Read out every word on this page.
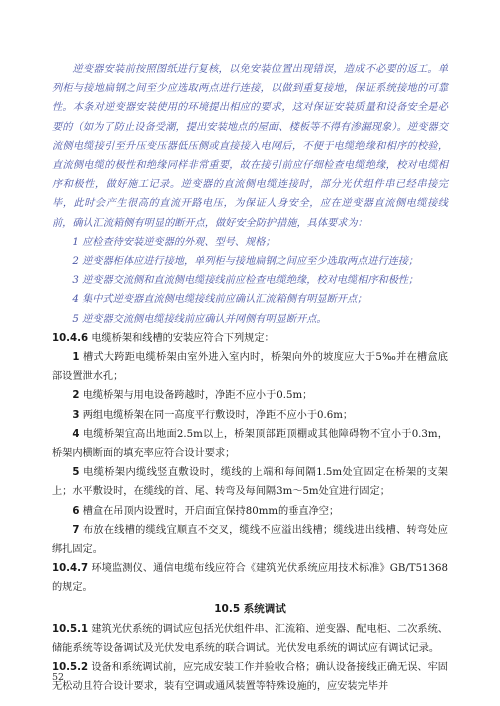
逆变器安装前按照图纸进行复核，以免安装位置出现错误，造成不必要的返工。单列柜与接地扁钢之间至少应选取两点进行连接，以做到重复接地，保证系统接地的可靠性。本条对逆变器安装使用的环境提出相应的要求，这对保证安装质量和设备安全是必要的（如为了防止设备受潮，提出安装地点的屋面、楼板等不得有渗漏现象）。逆变器交流侧电缆接引至升压变压器低压侧或直接接入电网后，不便于电缆绝缘和相序的校验，直流侧电缆的极性和绝缘同样非常重要，故在接引前应仔细检查电缆绝缘，校对电缆相序和极性，做好施工记录。逆变器的直流侧电缆连接时，部分光伏组件串已经串接完毕，此时会产生很高的直流开路电压，为保证人身安全，应在逆变器直流侧电缆接线前，确认汇流箱侧有明显的断开点，做好安全防护措施，具体要求为：

1 应检查待安装逆变器的外观、型号、规格；

2 逆变器柜体应进行接地，单列柜与接地扁钢之间应至少选取两点进行连接；

3 逆变器交流侧和直流侧电缆接线前应检查电缆绝缘，校对电缆相序和极性；

4 集中式逆变器直流侧电缆接线前应确认汇流箱侧有明显断开点；

5 逆变器交流侧电缆接线前应确认并网侧有明显断开点。

10.4.6 电缆桥架和线槽的安装应符合下列规定：

1 槽式大跨距电缆桥架由室外进入室内时，桥架向外的坡度应大于5‰并在槽盒底部设置泄水孔；

2 电缆桥架与用电设备跨越时，净距不应小于0.5m；

3 两组电缆桥架在同一高度平行敷设时，净距不应小于0.6m；

4 电缆桥架宜高出地面2.5m以上，桥架顶部距顶棚或其他障碍物不宜小于0.3m，桥架内横断面的填充率应符合设计要求；

5 电缆桥架内缆线竖直敷设时，缆线的上端和每间隔1.5m处宜固定在桥架的支架上；水平敷设时，在缆线的首、尾、转弯及每间隔3m～5m处宜进行固定；

6 槽盒在吊顶内设置时，开启面宜保持80mm的垂直净空；

7 布放在线槽的缆线宜顺直不交叉，缆线不应溢出线槽；缆线进出线槽、转弯处应绑扎固定。

10.4.7 环境监测仪、通信电缆布线应符合《建筑光伏系统应用技术标准》GB/T51368的规定。

10.5 系统调试

10.5.1 建筑光伏系统的调试应包括光伏组件串、汇流箱、逆变器、配电柜、二次系统、储能系统等设备调试及光伏发电系统的联合调试。光伏发电系统的调试应有调试记录。

10.5.2 设备和系统调试前，应完成安装工作并验收合格；确认设备接线正确无误、牢固无松动且符合设计要求，装有空调或通风装置等特殊设施的，应安装完毕并

52
